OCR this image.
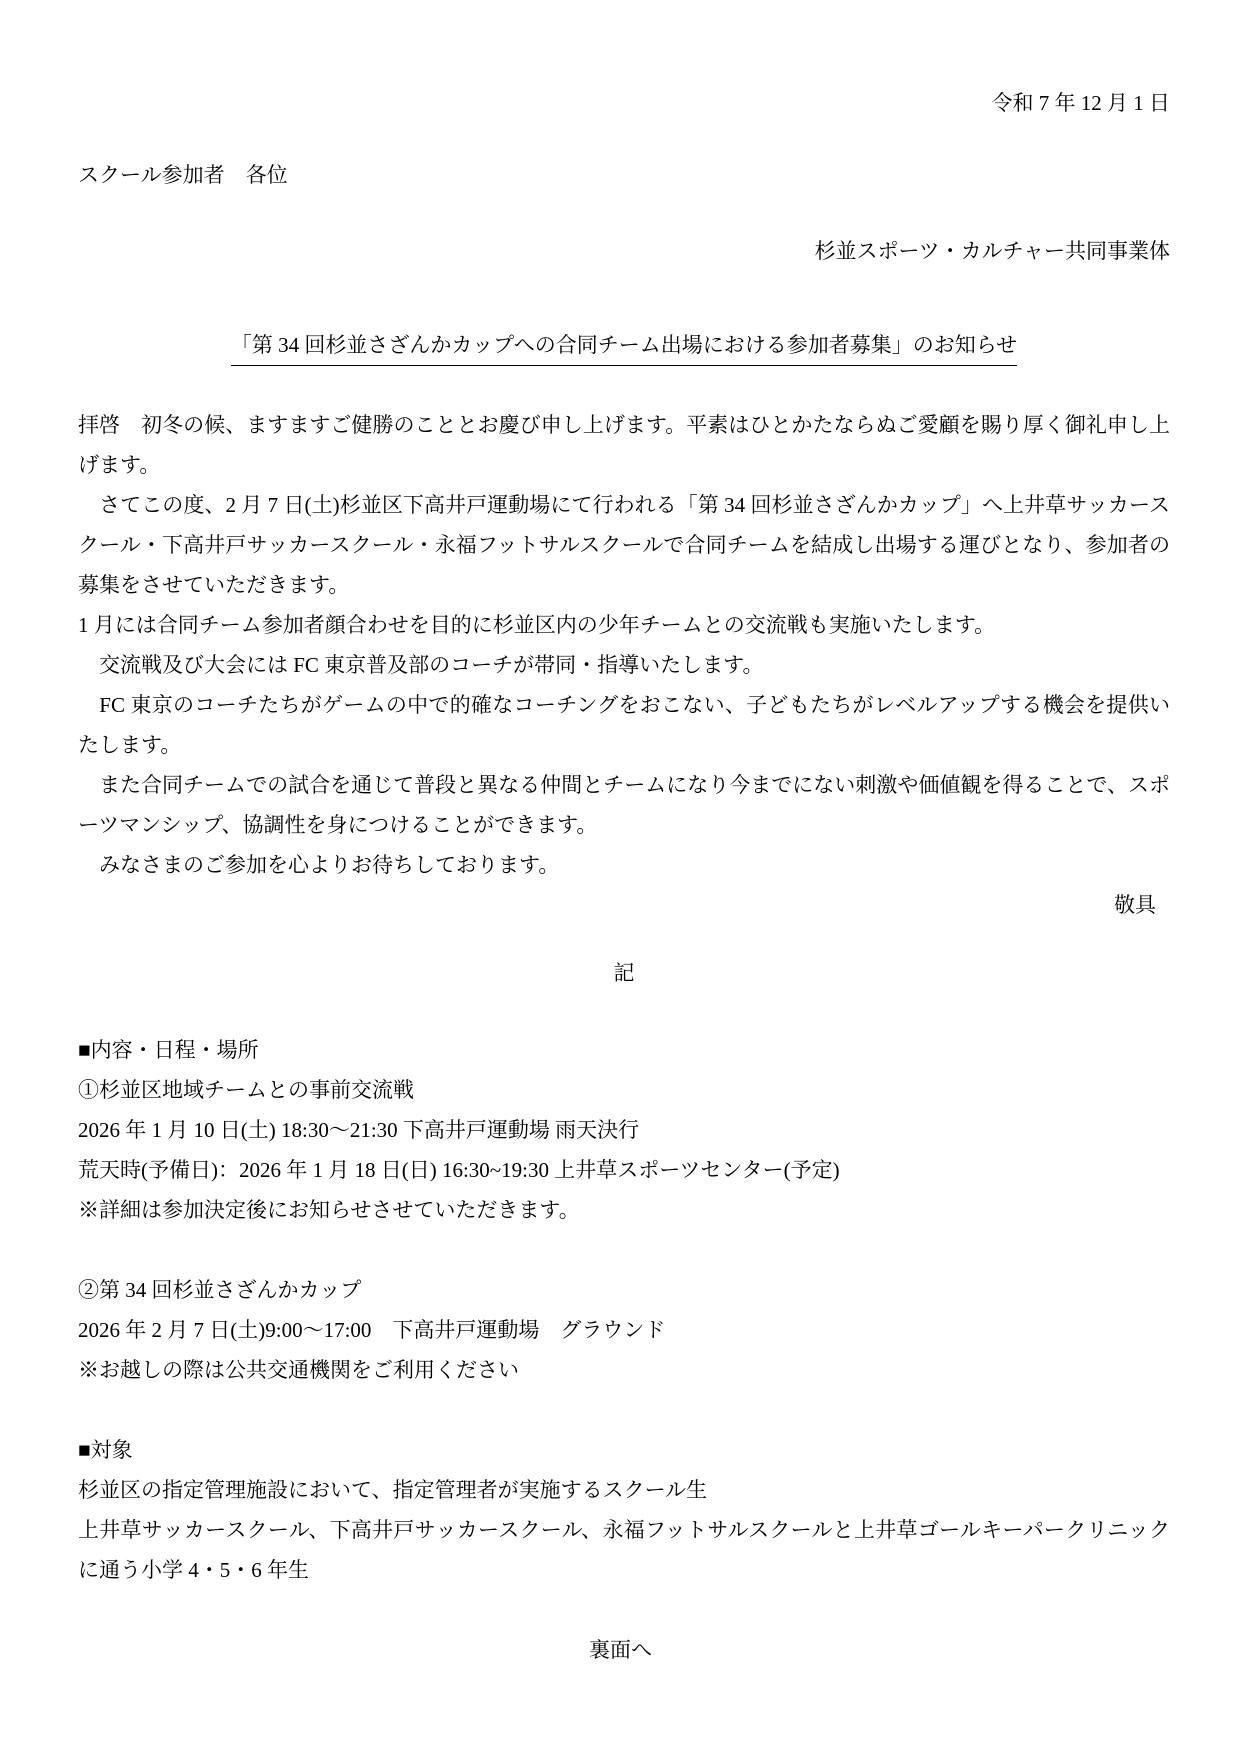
令和 7 年 12 月 1 日
スクール参加者　各位
杉並スポーツ・カルチャー共同事業体
「第 34 回杉並さざんかカップへの合同チーム出場における参加者募集」のお知らせ

拝啓　初冬の候、ますますご健勝のこととお慶び申し上げます。平素はひとかたならぬご愛顧を賜り厚く御礼申し上げます。

　さてこの度、2 月 7 日(土)杉並区下高井戸運動場にて行われる「第 34 回杉並さざんかカップ」へ上井草サッカースクール・下高井戸サッカースクール・永福フットサルスクールで合同チームを結成し出場する運びとなり、参加者の募集をさせていただきます。

1 月には合同チーム参加者顔合わせを目的に杉並区内の少年チームとの交流戦も実施いたします。

　交流戦及び大会には FC 東京普及部のコーチが帯同・指導いたします。

　FC 東京のコーチたちがゲームの中で的確なコーチングをおこない、子どもたちがレベルアップする機会を提供いたします。

　また合同チームでの試合を通じて普段と異なる仲間とチームになり今までにない刺激や価値観を得ることで、スポーツマンシップ、協調性を身につけることができます。

　みなさまのご参加を心よりお待ちしております。

敬具
記
■内容・日程・場所

①杉並区地域チームとの事前交流戦

2026 年 1 月 10 日(土) 18:30〜21:30 下高井戸運動場 雨天決行

荒天時(予備日)：2026 年 1 月 18 日(日) 16:30~19:30 上井草スポーツセンター(予定)

※詳細は参加決定後にお知らせさせていただきます。

②第 34 回杉並さざんかカップ

2026 年 2 月 7 日(土)9:00〜17:00　下高井戸運動場　グラウンド

※お越しの際は公共交通機関をご利用ください

■対象

杉並区の指定管理施設において、指定管理者が実施するスクール生

上井草サッカースクール、下高井戸サッカースクール、永福フットサルスクールと上井草ゴールキーパークリニックに通う小学 4・5・6 年生

裏面へ
